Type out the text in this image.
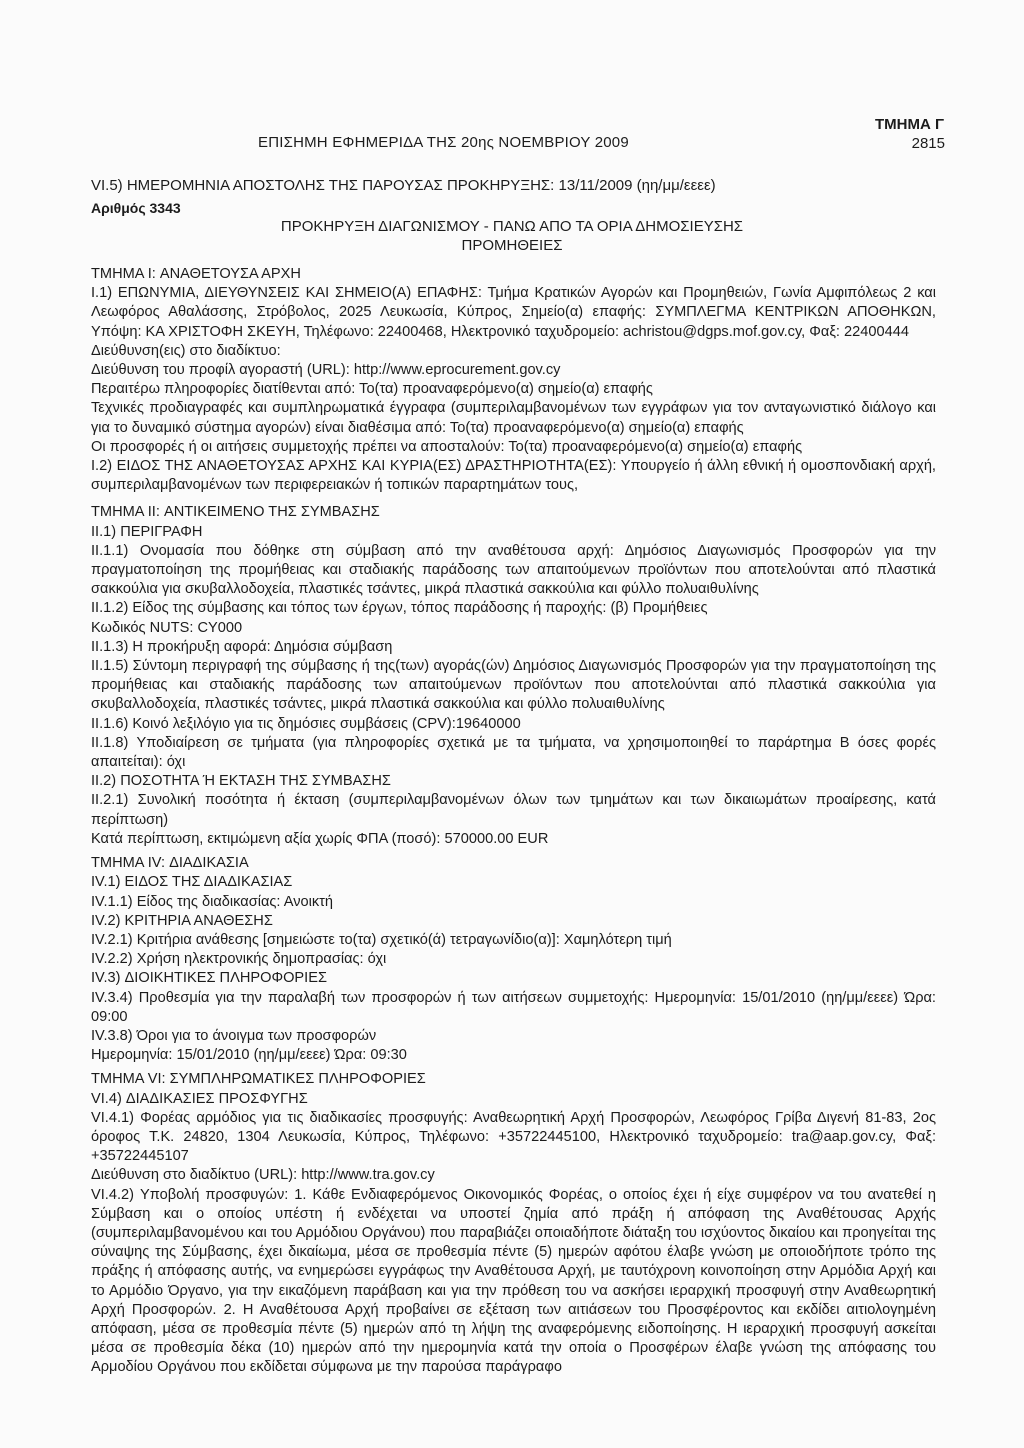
ΕΠΙΣΗΜΗ ΕΦΗΜΕΡΙΔΑ ΤΗΣ 20ης ΝΟΕΜΒΡΙΟΥ 2009
ΤΜΗΜΑ Γ
2815
VI.5) ΗΜΕΡΟΜΗΝΙΑ ΑΠΟΣΤΟΛΗΣ ΤΗΣ ΠΑΡΟΥΣΑΣ ΠΡΟΚΗΡΥΞΗΣ: 13/11/2009 (ηη/μμ/εεεε)
Αριθμός 3343
ΠΡΟΚΗΡΥΞΗ ΔΙΑΓΩΝΙΣΜΟΥ - ΠΑΝΩ ΑΠΟ ΤΑ ΟΡΙΑ ΔΗΜΟΣΙΕΥΣΗΣ
ΠΡΟΜΗΘΕΙΕΣ

ΤΜΗΜΑ I: ΑΝΑΘΕΤΟΥΣΑ ΑΡΧΗ

I.1) ΕΠΩΝΥΜΙΑ, ΔΙΕΥΘΥΝΣΕΙΣ ΚΑΙ ΣΗΜΕΙΟ(Α) ΕΠΑΦΗΣ: Τμήμα Κρατικών Αγορών και Προμηθειών, Γωνία Αμφιπόλεως 2 και Λεωφόρος Αθαλάσσης, Στρόβολος, 2025 Λευκωσία, Κύπρος, Σημείο(α) επαφής: ΣΥΜΠΛΕΓΜΑ ΚΕΝΤΡΙΚΩΝ ΑΠΟΘΗΚΩΝ, Υπόψη: ΚΑ ΧΡΙΣΤΟΦΗ ΣΚΕΥΗ, Τηλέφωνο: 22400468, Ηλεκτρονικό ταχυδρομείο: achristou@dgps.mof.gov.cy, Φαξ: 22400444

Διεύθυνση(εις) στο διαδίκτυο:

Διεύθυνση του προφίλ αγοραστή (URL): http://www.eprocurement.gov.cy

Περαιτέρω πληροφορίες διατίθενται από: Το(τα) προαναφερόμενο(α) σημείο(α) επαφής

Τεχνικές προδιαγραφές και συμπληρωματικά έγγραφα (συμπεριλαμβανομένων των εγγράφων για τον ανταγωνιστικό διάλογο και για το δυναμικό σύστημα αγορών) είναι διαθέσιμα από: Το(τα) προαναφερόμενο(α) σημείο(α) επαφής

Οι προσφορές ή οι αιτήσεις συμμετοχής πρέπει να αποσταλούν: Το(τα) προαναφερόμενο(α) σημείο(α) επαφής

I.2) ΕΙΔΟΣ ΤΗΣ ΑΝΑΘΕΤΟΥΣΑΣ ΑΡΧΗΣ ΚΑΙ ΚΥΡΙΑ(ΕΣ) ΔΡΑΣΤΗΡΙΟΤΗΤΑ(ΕΣ): Υπουργείο ή άλλη εθνική ή ομοσπονδιακή αρχή, συμπεριλαμβανομένων των περιφερειακών ή τοπικών παραρτημάτων τους,

ΤΜΗΜΑ II: ΑΝΤΙΚΕΙΜΕΝΟ ΤΗΣ ΣΥΜΒΑΣΗΣ

II.1) ΠΕΡΙΓΡΑΦΗ

II.1.1) Ονομασία που δόθηκε στη σύμβαση από την αναθέτουσα αρχή: Δημόσιος Διαγωνισμός Προσφορών για την πραγματοποίηση της προμήθειας και σταδιακής παράδοσης των απαιτούμενων προϊόντων που αποτελούνται από πλαστικά σακκούλια για σκυβαλλοδοχεία, πλαστικές τσάντες, μικρά πλαστικά σακκούλια και φύλλο πολυαιθυλίνης

II.1.2) Είδος της σύμβασης και τόπος των έργων, τόπος παράδοσης ή παροχής: (β) Προμήθειες

Κωδικός NUTS: CY000

II.1.3) Η προκήρυξη αφορά: Δημόσια σύμβαση

II.1.5) Σύντομη περιγραφή της σύμβασης ή της(των) αγοράς(ών) Δημόσιος Διαγωνισμός Προσφορών για την πραγματοποίηση της προμήθειας και σταδιακής παράδοσης των απαιτούμενων προϊόντων που αποτελούνται από πλαστικά σακκούλια για σκυβαλλοδοχεία, πλαστικές τσάντες, μικρά πλαστικά σακκούλια και φύλλο πολυαιθυλίνης

II.1.6) Κοινό λεξιλόγιο για τις δημόσιες συμβάσεις (CPV):19640000

II.1.8) Υποδιαίρεση σε τμήματα (για πληροφορίες σχετικά με τα τμήματα, να χρησιμοποιηθεί το παράρτημα Β όσες φορές απαιτείται): όχι

II.2) ΠΟΣΟΤΗΤΑ Ή ΕΚΤΑΣΗ ΤΗΣ ΣΥΜΒΑΣΗΣ

II.2.1) Συνολική ποσότητα ή έκταση (συμπεριλαμβανομένων όλων των τμημάτων και των δικαιωμάτων προαίρεσης, κατά περίπτωση)

Κατά περίπτωση, εκτιμώμενη αξία χωρίς ΦΠΑ (ποσό): 570000.00 EUR

ΤΜΗΜΑ IV: ΔΙΑΔΙΚΑΣΙΑ

IV.1) ΕΙΔΟΣ ΤΗΣ ΔΙΑΔΙΚΑΣΙΑΣ

IV.1.1) Είδος της διαδικασίας: Ανοικτή

IV.2) ΚΡΙΤΗΡΙΑ ΑΝΑΘΕΣΗΣ

IV.2.1) Κριτήρια ανάθεσης [σημειώστε το(τα) σχετικό(ά) τετραγωνίδιο(α)]: Χαμηλότερη τιμή

IV.2.2) Χρήση ηλεκτρονικής δημοπρασίας: όχι

IV.3) ΔΙΟΙΚΗΤΙΚΕΣ ΠΛΗΡΟΦΟΡΙΕΣ

IV.3.4) Προθεσμία για την παραλαβή των προσφορών ή των αιτήσεων συμμετοχής: Ημερομηνία: 15/01/2010 (ηη/μμ/εεεε) Ώρα: 09:00

IV.3.8) Όροι για το άνοιγμα των προσφορών

Ημερομηνία: 15/01/2010 (ηη/μμ/εεεε) Ώρα: 09:30

ΤΜΗΜΑ VI: ΣΥΜΠΛΗΡΩΜΑΤΙΚΕΣ ΠΛΗΡΟΦΟΡΙΕΣ

VI.4) ΔΙΑΔΙΚΑΣΙΕΣ ΠΡΟΣΦΥΓΗΣ

VI.4.1) Φορέας αρμόδιος για τις διαδικασίες προσφυγής: Αναθεωρητική Αρχή Προσφορών, Λεωφόρος Γρίβα Διγενή 81-83, 2ος όροφος Τ.Κ. 24820, 1304 Λευκωσία, Κύπρος, Τηλέφωνο: +35722445100, Ηλεκτρονικό ταχυδρομείο: tra@aap.gov.cy, Φαξ: +35722445107

Διεύθυνση στο διαδίκτυο (URL): http://www.tra.gov.cy

VI.4.2) Υποβολή προσφυγών: 1. Κάθε Ενδιαφερόμενος Οικονομικός Φορέας, ο οποίος έχει ή είχε συμφέρον να του ανατεθεί η Σύμβαση και ο οποίος υπέστη ή ενδέχεται να υποστεί ζημία από πράξη ή απόφαση της Αναθέτουσας Αρχής (συμπεριλαμβανομένου και του Αρμόδιου Οργάνου) που παραβιάζει οποιαδήποτε διάταξη του ισχύοντος δικαίου και προηγείται της σύναψης της Σύμβασης, έχει δικαίωμα, μέσα σε προθεσμία πέντε (5) ημερών αφότου έλαβε γνώση με οποιοδήποτε τρόπο της πράξης ή απόφασης αυτής, να ενημερώσει εγγράφως την Αναθέτουσα Αρχή, με ταυτόχρονη κοινοποίηση στην Αρμόδια Αρχή και το Αρμόδιο Όργανο, για την εικαζόμενη παράβαση και για την πρόθεση του να ασκήσει ιεραρχική προσφυγή στην Αναθεωρητική Αρχή Προσφορών. 2. Η Αναθέτουσα Αρχή προβαίνει σε εξέταση των αιτιάσεων του Προσφέροντος και εκδίδει αιτιολογημένη απόφαση, μέσα σε προθεσμία πέντε (5) ημερών από τη λήψη της αναφερόμενης ειδοποίησης. Η ιεραρχική προσφυγή ασκείται μέσα σε προθεσμία δέκα (10) ημερών από την ημερομηνία κατά την οποία ο Προσφέρων έλαβε γνώση της απόφασης του Αρμοδίου Οργάνου που εκδίδεται σύμφωνα με την παρούσα παράγραφο
